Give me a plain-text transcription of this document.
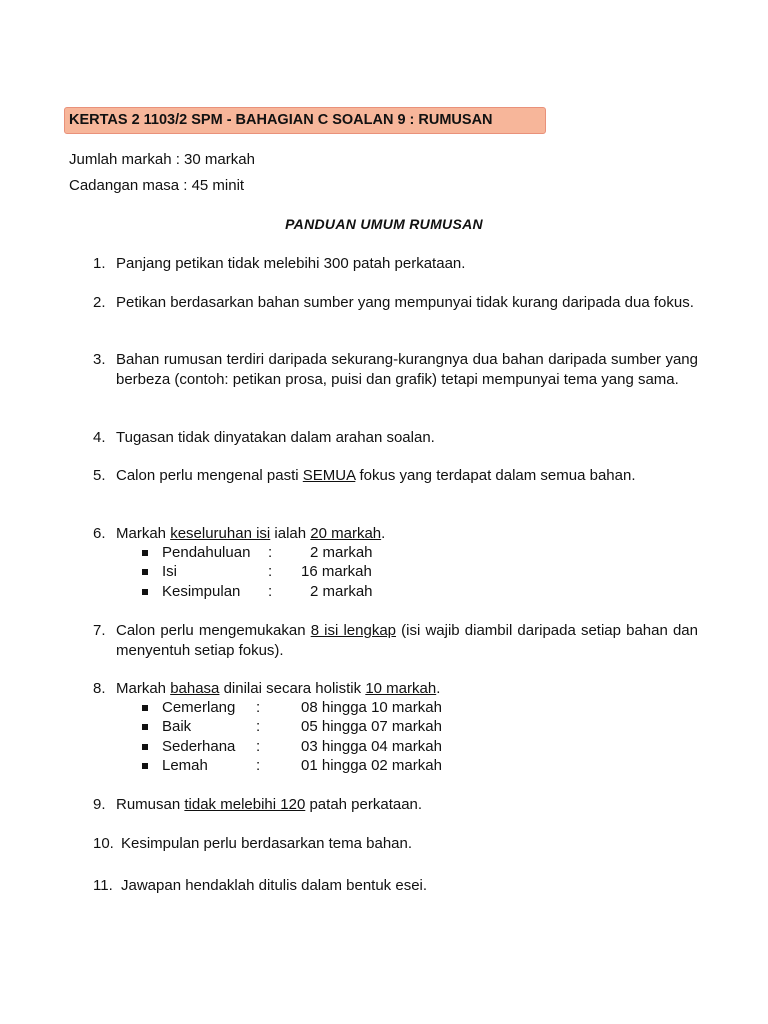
KERTAS 2 1103/2 SPM - BAHAGIAN C SOALAN 9 : RUMUSAN
Jumlah markah : 30 markah
Cadangan masa : 45 minit
PANDUAN UMUM RUMUSAN
1. Panjang petikan tidak melebihi 300 patah perkataan.
2. Petikan berdasarkan bahan sumber yang mempunyai tidak kurang daripada dua fokus.
3. Bahan rumusan terdiri daripada sekurang-kurangnya dua bahan daripada sumber yang berbeza (contoh: petikan prosa, puisi dan grafik) tetapi mempunyai tema yang sama.
4. Tugasan tidak dinyatakan dalam arahan soalan.
5. Calon perlu mengenal pasti SEMUA fokus yang terdapat dalam semua bahan.
6. Markah keseluruhan isi ialah 20 markah.
Pendahuluan :	2 markah
Isi	: 16 markah
Kesimpulan :	2 markah
7. Calon perlu mengemukakan 8 isi lengkap (isi wajib diambil daripada setiap bahan dan menyentuh setiap fokus).
8. Markah bahasa dinilai secara holistik 10 markah.
Cemerlang :	08 hingga 10 markah
Baik	:	05 hingga 07 markah
Sederhana :	03 hingga 04 markah
Lemah	:	01 hingga 02 markah
9. Rumusan tidak melebihi 120 patah perkataan.
10. Kesimpulan perlu berdasarkan tema bahan.
11. Jawapan hendaklah ditulis dalam bentuk esei.
